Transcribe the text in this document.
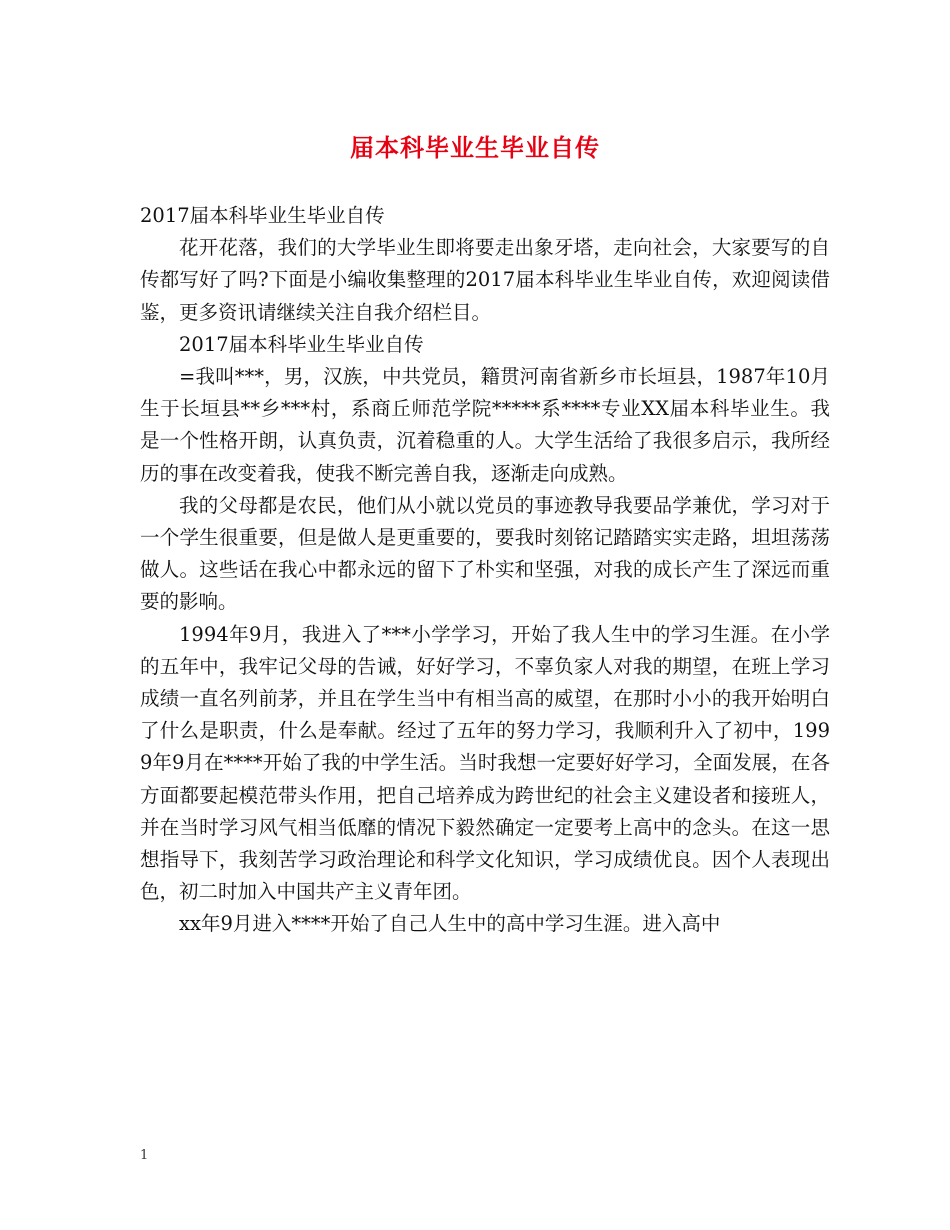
届本科毕业生毕业自传

2017届本科毕业生毕业自传

花开花落，我们的大学毕业生即将要走出象牙塔，走向社会，大家要写的自传都写好了吗?下面是小编收集整理的2017届本科毕业生毕业自传，欢迎阅读借鉴，更多资讯请继续关注自我介绍栏目。

2017届本科毕业生毕业自传

=我叫***，男，汉族，中共党员，籍贯河南省新乡市长垣县，1987年10月生于长垣县**乡***村，系商丘师范学院*****系****专业XX届本科毕业生。我是一个性格开朗，认真负责，沉着稳重的人。大学生活给了我很多启示，我所经历的事在改变着我，使我不断完善自我，逐渐走向成熟。

我的父母都是农民，他们从小就以党员的事迹教导我要品学兼优，学习对于一个学生很重要，但是做人是更重要的，要我时刻铭记踏踏实实走路，坦坦荡荡做人。这些话在我心中都永远的留下了朴实和坚强，对我的成长产生了深远而重要的影响。

1994年9月，我进入了***小学学习，开始了我人生中的学习生涯。在小学的五年中，我牢记父母的告诫，好好学习，不辜负家人对我的期望，在班上学习成绩一直名列前茅，并且在学生当中有相当高的威望，在那时小小的我开始明白了什么是职责，什么是奉献。经过了五年的努力学习，我顺利升入了初中，1999年9月在****开始了我的中学生活。当时我想一定要好好学习，全面发展，在各方面都要起模范带头作用，把自己培养成为跨世纪的社会主义建设者和接班人，并在当时学习风气相当低靡的情况下毅然确定一定要考上高中的念头。在这一思想指导下，我刻苦学习政治理论和科学文化知识，学习成绩优良。因个人表现出色，初二时加入中国共产主义青年团。

xx年9月进入****开始了自己人生中的高中学习生涯。进入高中

1
